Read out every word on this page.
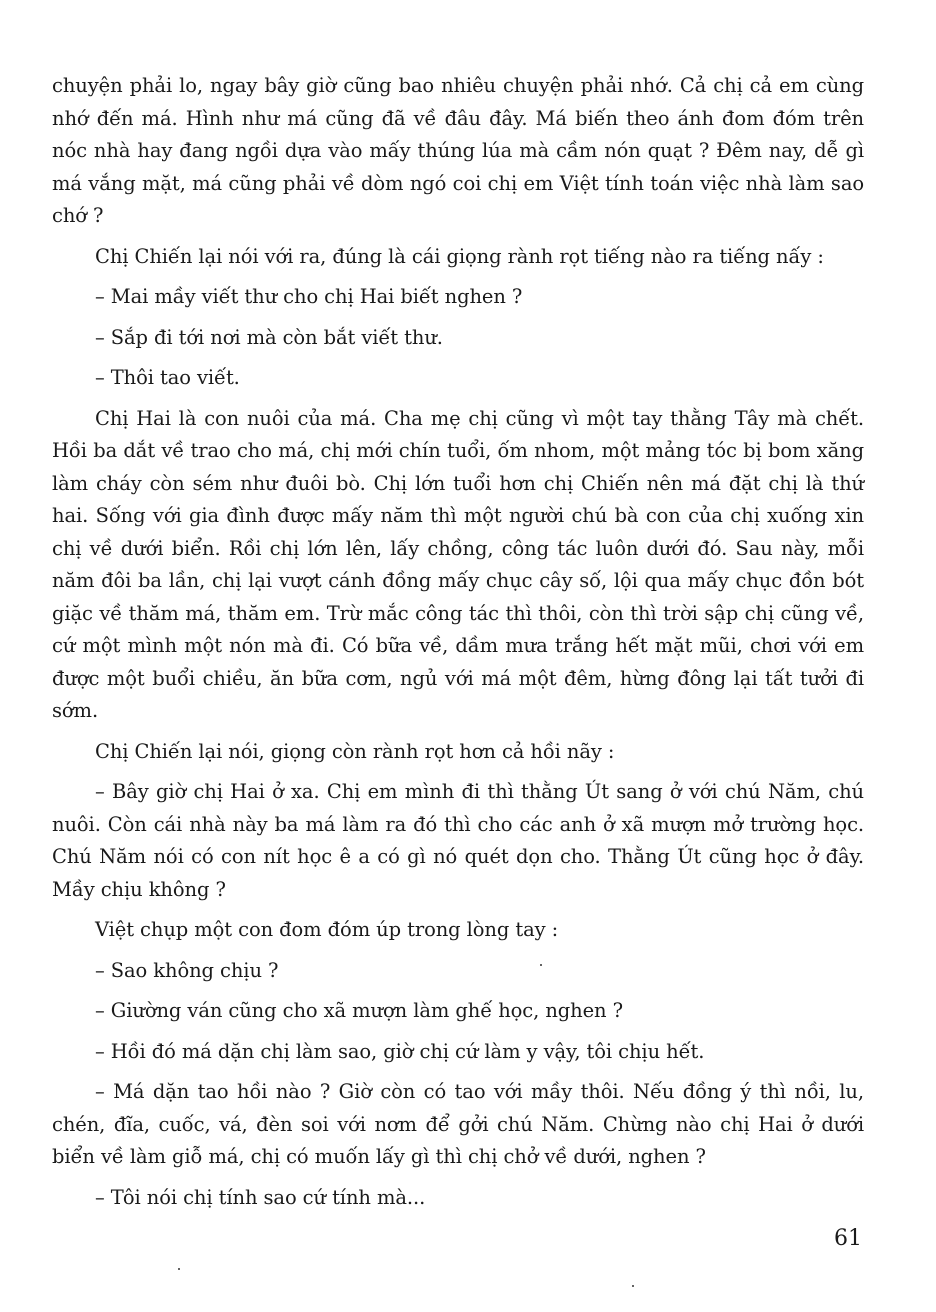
chuyện phải lo, ngay bây giờ cũng bao nhiêu chuyện phải nhớ. Cả chị cả em cùng nhớ đến má. Hình như má cũng đã về đâu đây. Má biến theo ánh đom đóm trên nóc nhà hay đang ngồi dựa vào mấy thúng lúa mà cầm nón quạt ? Đêm nay, dễ gì má vắng mặt, má cũng phải về dòm ngó coi chị em Việt tính toán việc nhà làm sao chớ ?

Chị Chiến lại nói với ra, đúng là cái giọng rành rọt tiếng nào ra tiếng nấy :

– Mai mầy viết thư cho chị Hai biết nghen ?

– Sắp đi tới nơi mà còn bắt viết thư.

– Thôi tao viết.

Chị Hai là con nuôi của má. Cha mẹ chị cũng vì một tay thằng Tây mà chết. Hồi ba dắt về trao cho má, chị mới chín tuổi, ốm nhom, một mảng tóc bị bom xăng làm cháy còn sém như đuôi bò. Chị lớn tuổi hơn chị Chiến nên má đặt chị là thứ hai. Sống với gia đình được mấy năm thì một người chú bà con của chị xuống xin chị về dưới biển. Rồi chị lớn lên, lấy chồng, công tác luôn dưới đó. Sau này, mỗi năm đôi ba lần, chị lại vượt cánh đồng mấy chục cây số, lội qua mấy chục đồn bót giặc về thăm má, thăm em. Trừ mắc công tác thì thôi, còn thì trời sập chị cũng về, cứ một mình một nón mà đi. Có bữa về, dầm mưa trắng hết mặt mũi, chơi với em được một buổi chiều, ăn bữa cơm, ngủ với má một đêm, hừng đông lại tất tưởi đi sớm.

Chị Chiến lại nói, giọng còn rành rọt hơn cả hồi nãy :

– Bây giờ chị Hai ở xa. Chị em mình đi thì thằng Út sang ở với chú Năm, chú nuôi. Còn cái nhà này ba má làm ra đó thì cho các anh ở xã mượn mở trường học. Chú Năm nói có con nít học ê a có gì nó quét dọn cho. Thằng Út cũng học ở đây. Mầy chịu không ?

Việt chụp một con đom đóm úp trong lòng tay :

– Sao không chịu ?

– Giường ván cũng cho xã mượn làm ghế học, nghen ?

– Hồi đó má dặn chị làm sao, giờ chị cứ làm y vậy, tôi chịu hết.

– Má dặn tao hồi nào ? Giờ còn có tao với mầy thôi. Nếu đồng ý thì nồi, lu, chén, đĩa, cuốc, vá, đèn soi với nơm để gởi chú Năm. Chừng nào chị Hai ở dưới biển về làm giỗ má, chị có muốn lấy gì thì chị chở về dưới, nghen ?

– Tôi nói chị tính sao cứ tính mà...

61
